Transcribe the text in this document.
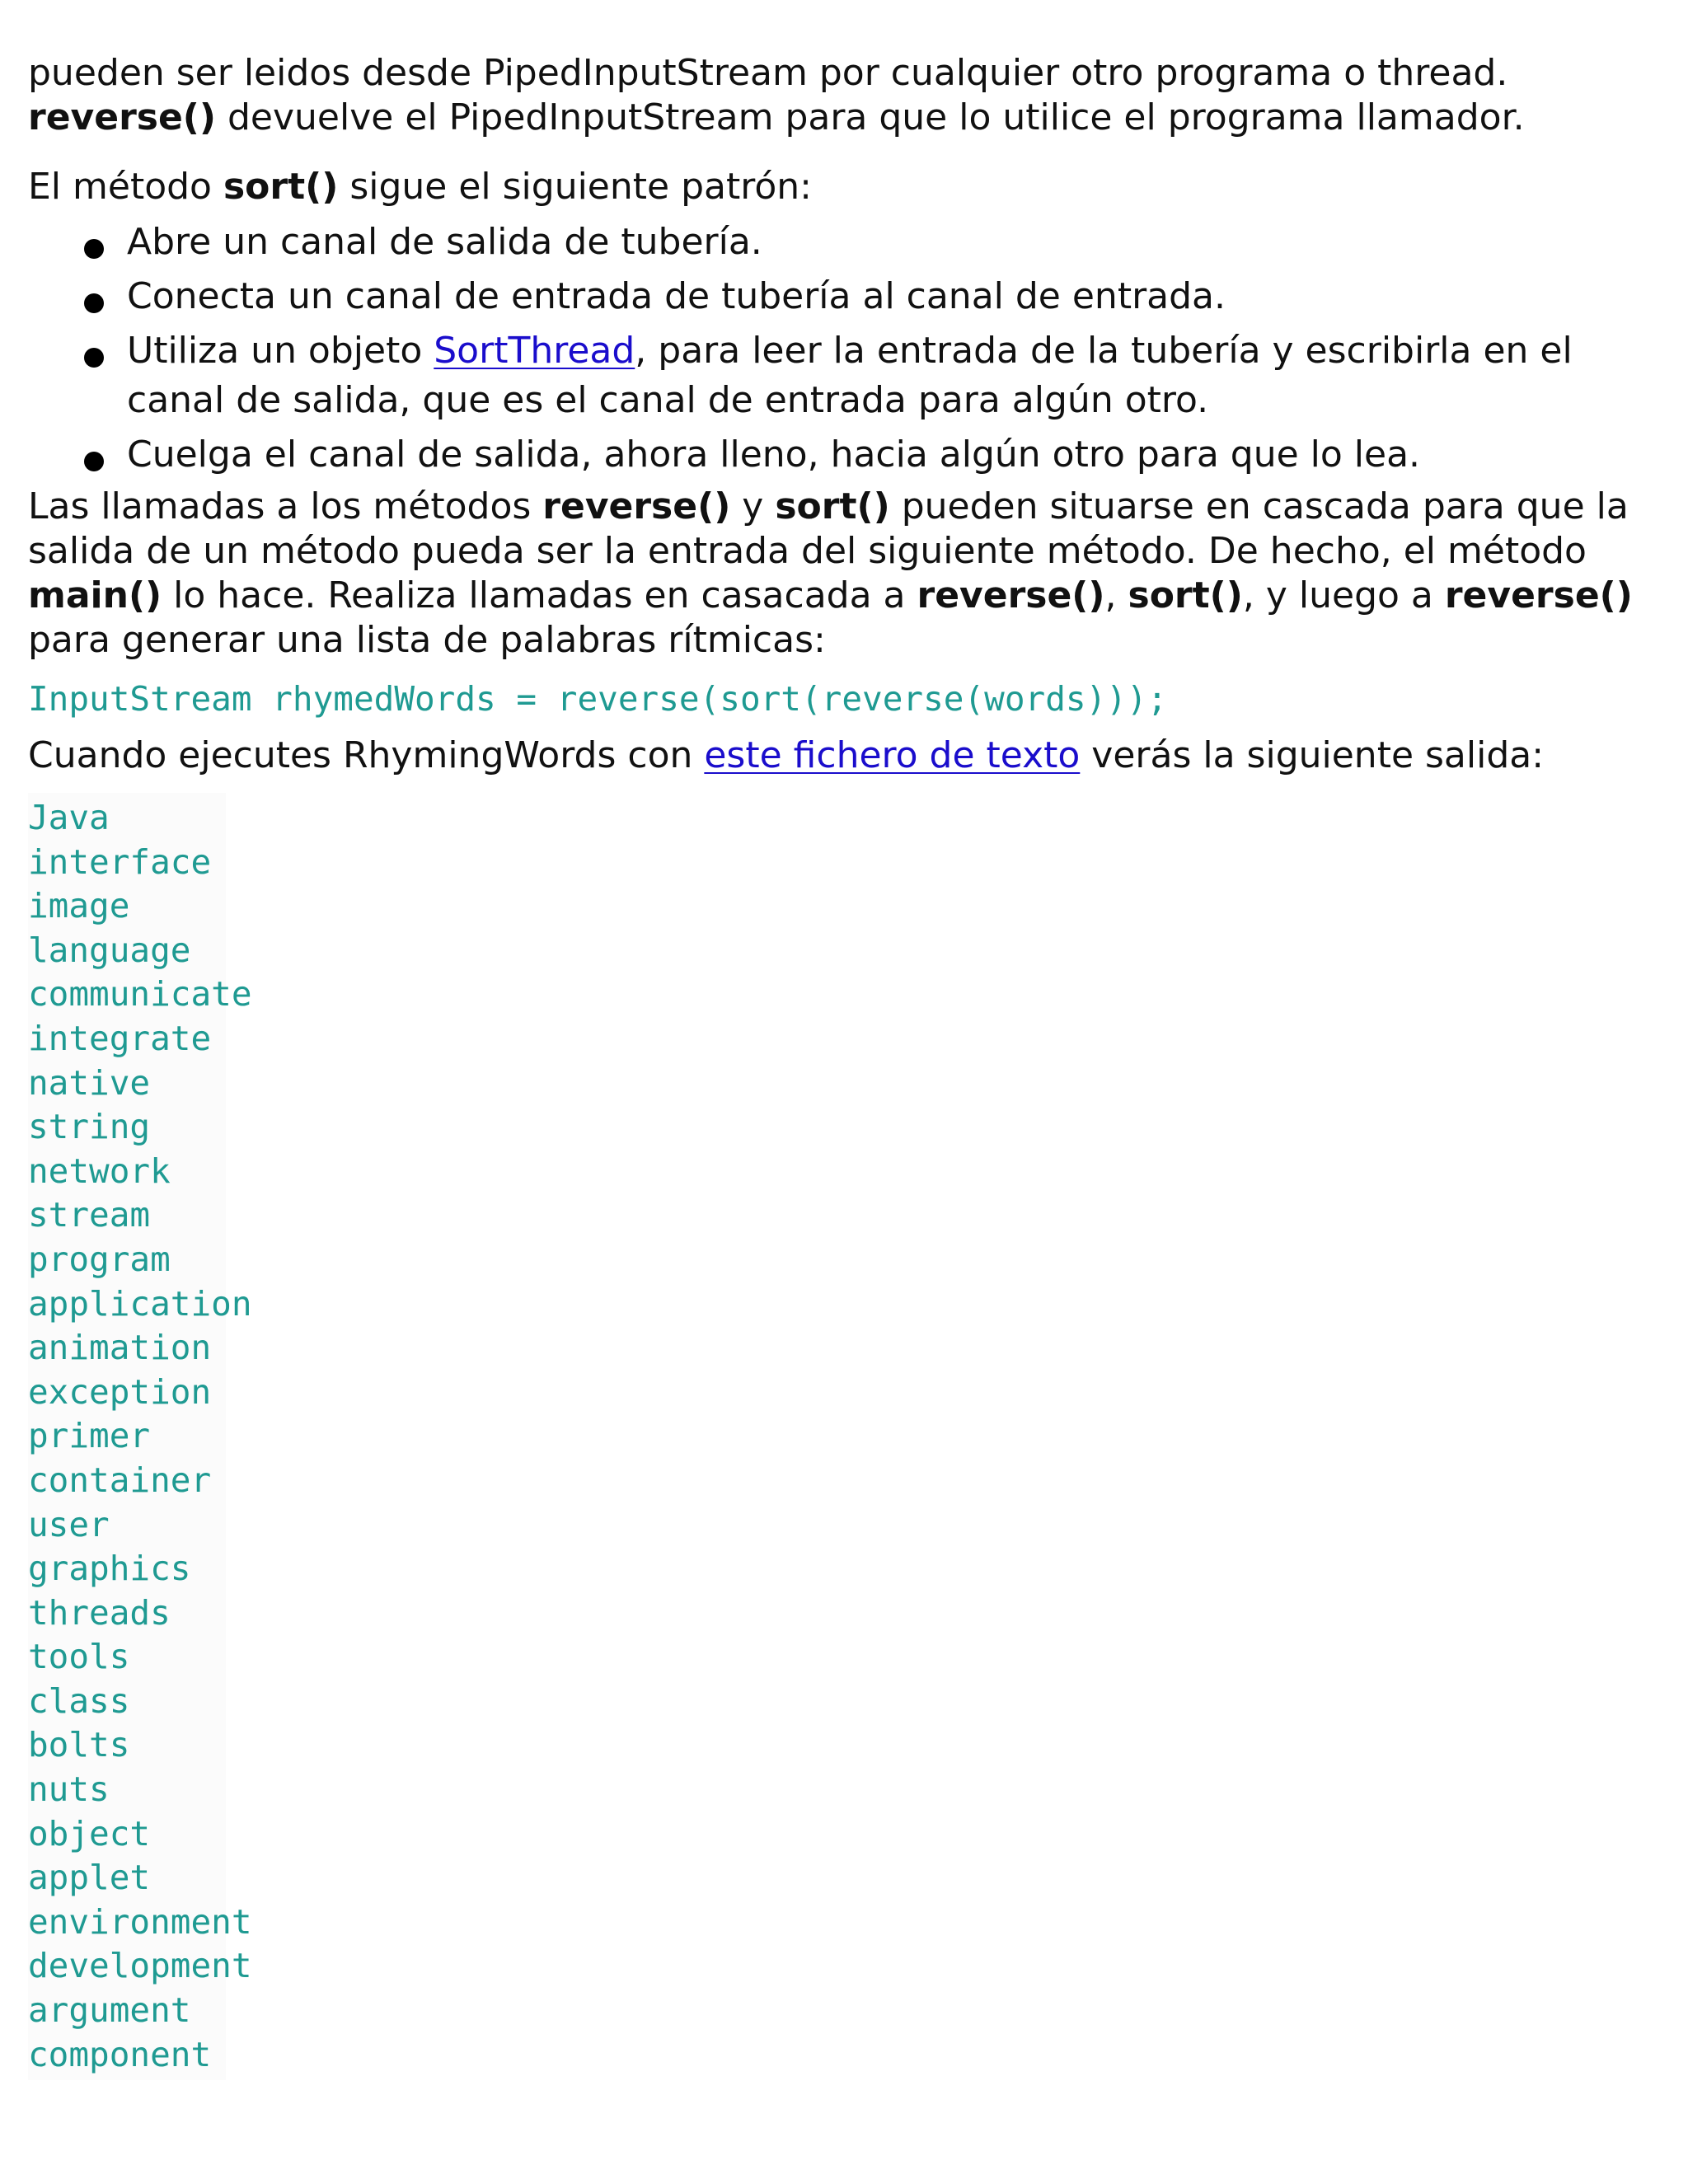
pueden ser leidos desde PipedInputStream por cualquier otro programa o thread.
reverse() devuelve el PipedInputStream para que lo utilice el programa llamador.

El método sort() sigue el siguiente patrón:

Abre un canal de salida de tubería.
Conecta un canal de entrada de tubería al canal de entrada.
Utiliza un objeto SortThread, para leer la entrada de la tubería y escribirla en el canal de salida, que es el canal de entrada para algún otro.
Cuelga el canal de salida, ahora lleno, hacia algún otro para que lo lea.

Las llamadas a los métodos reverse() y sort() pueden situarse en cascada para que la salida de un método pueda ser la entrada del siguiente método. De hecho, el método main() lo hace. Realiza llamadas en casacada a reverse(), sort(), y luego a reverse() para generar una lista de palabras rítmicas:

InputStream rhymedWords = reverse(sort(reverse(words)));

Cuando ejecutes RhymingWords con este fichero de texto verás la siguiente salida:

Java
interface
image
language
communicate
integrate
native
string
network
stream
program
application
animation
exception
primer
container
user
graphics
threads
tools
class
bolts
nuts
object
applet
environment
development
argument
component
